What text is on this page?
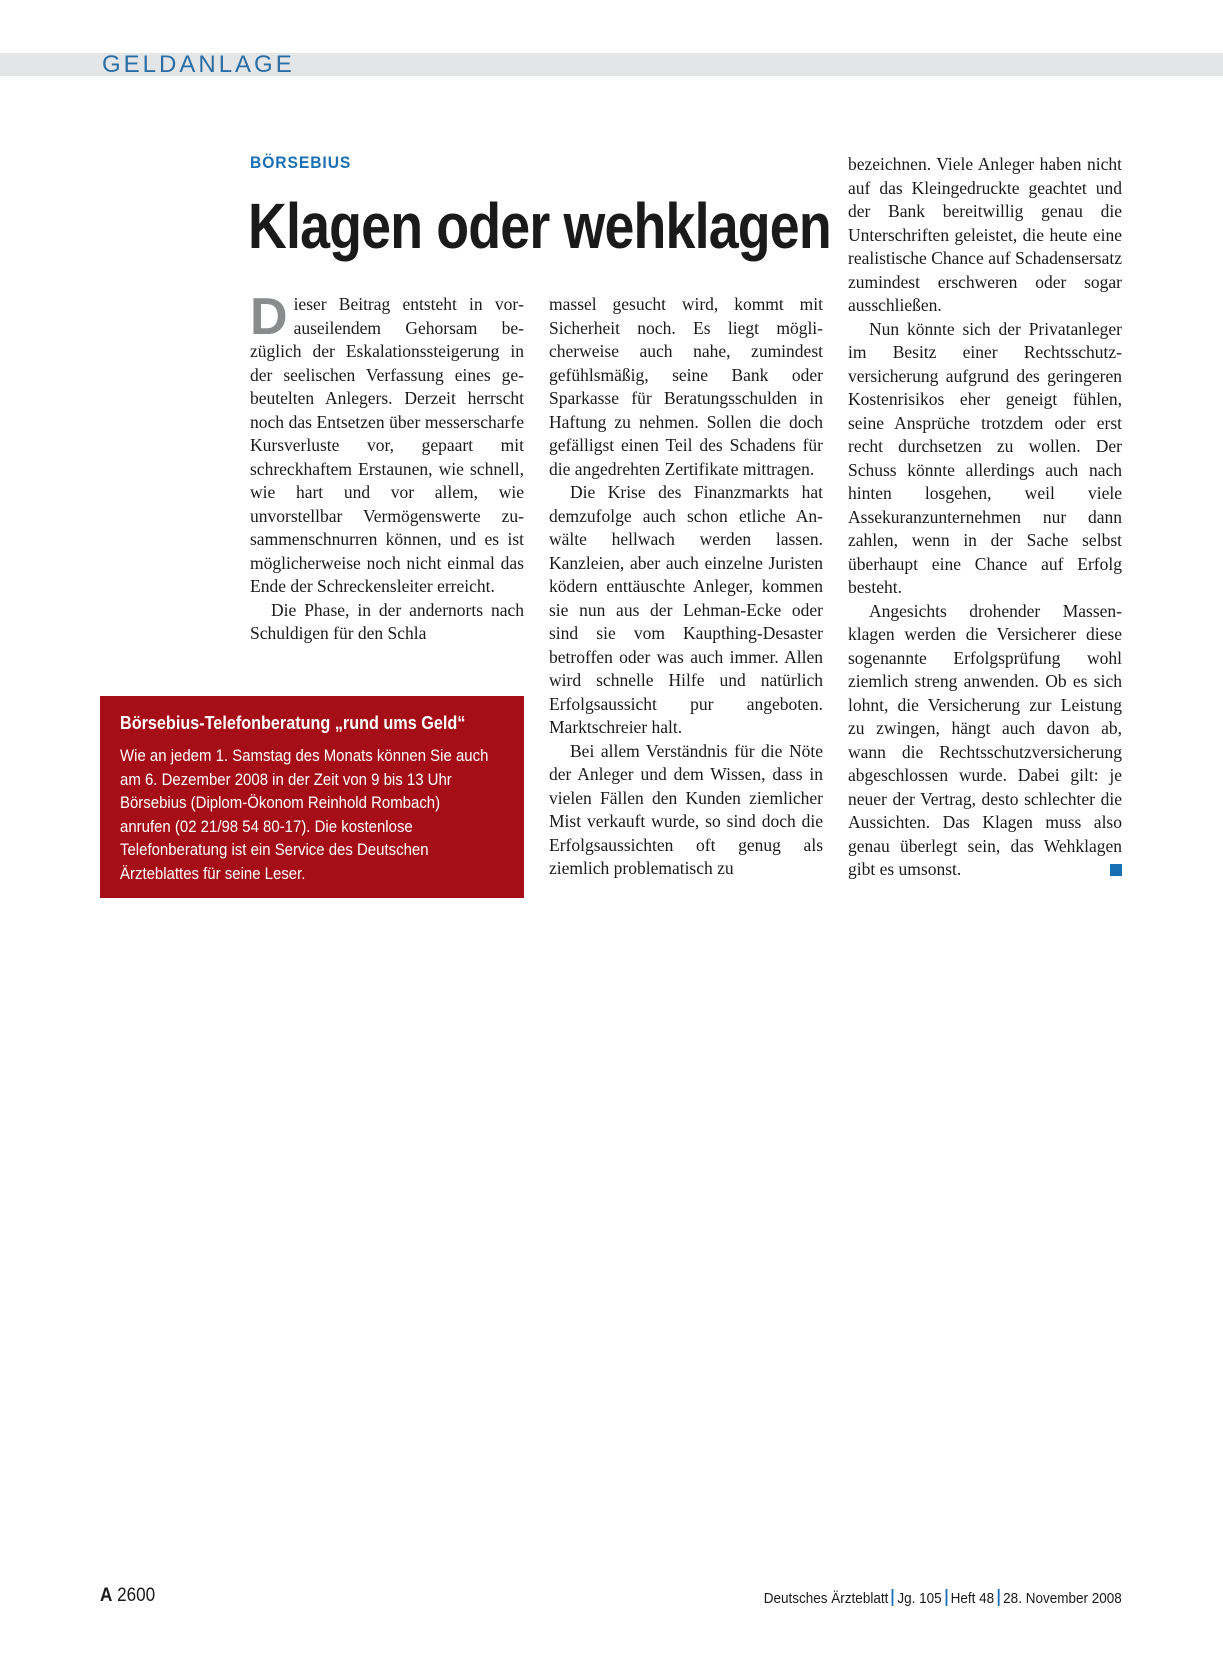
GELDANLAGE
BÖRSEBIUS
Klagen oder wehklagen

Dieser Beitrag entsteht in vorauseilendem Gehorsam bezüglich der Eskalationssteigerung in der seelischen Verfassung eines gebeutelten Anlegers. Derzeit herrscht noch das Entsetzen über messerscharfe Kursverluste vor, gepaart mit schreckhaftem Erstaunen, wie schnell, wie hart und vor allem, wie unvorstellbar Vermögenswerte zusammenschnurren können, und es ist möglicherweise noch nicht einmal das Ende der Schreckensleiter erreicht.

Die Phase, in der andernorts nach Schuldigen für den Schla

massel gesucht wird, kommt mit Sicherheit noch. Es liegt möglicherweise auch nahe, zumindest gefühlsmäßig, seine Bank oder Sparkasse für Beratungsschulden in Haftung zu nehmen. Sollen die doch gefälligst einen Teil des Schadens für die angedrehten Zertifikate mittragen.

Die Krise des Finanzmarkts hat demzufolge auch schon etliche Anwälte hellwach werden lassen. Kanzleien, aber auch einzelne Juristen ködern enttäuschte Anleger, kommen sie nun aus der Lehman-Ecke oder sind sie vom Kaupthing-Desaster betroffen oder was auch immer. Allen wird schnelle Hilfe und natürlich Erfolgsaussicht pur angeboten. Marktschreier halt.

Bei allem Verständnis für die Nöte der Anleger und dem Wissen, dass in vielen Fällen den Kunden ziemlicher Mist verkauft wurde, so sind doch die Erfolgsaussichten oft genug als ziemlich problematisch zu

bezeichnen. Viele Anleger haben nicht auf das Kleingedruckte geachtet und der Bank bereitwillig genau die Unterschriften geleistet, die heute eine realistische Chance auf Schadensersatz zumindest erschweren oder sogar ausschließen.

Nun könnte sich der Privatanleger im Besitz einer Rechtsschutzversicherung aufgrund des geringeren Kostenrisikos eher geneigt fühlen, seine Ansprüche trotzdem oder erst recht durchsetzen zu wollen. Der Schuss könnte allerdings auch nach hinten losgehen, weil viele Assekuranzunternehmen nur dann zahlen, wenn in der Sache selbst überhaupt eine Chance auf Erfolg besteht.

Angesichts drohender Massenklagen werden die Versicherer diese sogenannte Erfolgsprüfung wohl ziemlich streng anwenden. Ob es sich lohnt, die Versicherung zur Leistung zu zwingen, hängt auch davon ab, wann die Rechtsschutzversicherung abgeschlossen wurde. Dabei gilt: je neuer der Vertrag, desto schlechter die Aussichten. Das Klagen muss also genau überlegt sein, das Wehklagen gibt es umsonst.

Börsebius-Telefonberatung „rund ums Geld“
Wie an jedem 1. Samstag des Monats können Sie auch am 6. Dezember 2008 in der Zeit von 9 bis 13 Uhr Börsebius (Diplom-Ökonom Reinhold Rombach) anrufen (02 21/98 54 80-17). Die kostenlose Telefonberatung ist ein Service des Deutschen Ärzteblattes für seine Leser.
A 2600	Deutsches Ärzteblatt Jg. 105 Heft 48 28. November 2008
